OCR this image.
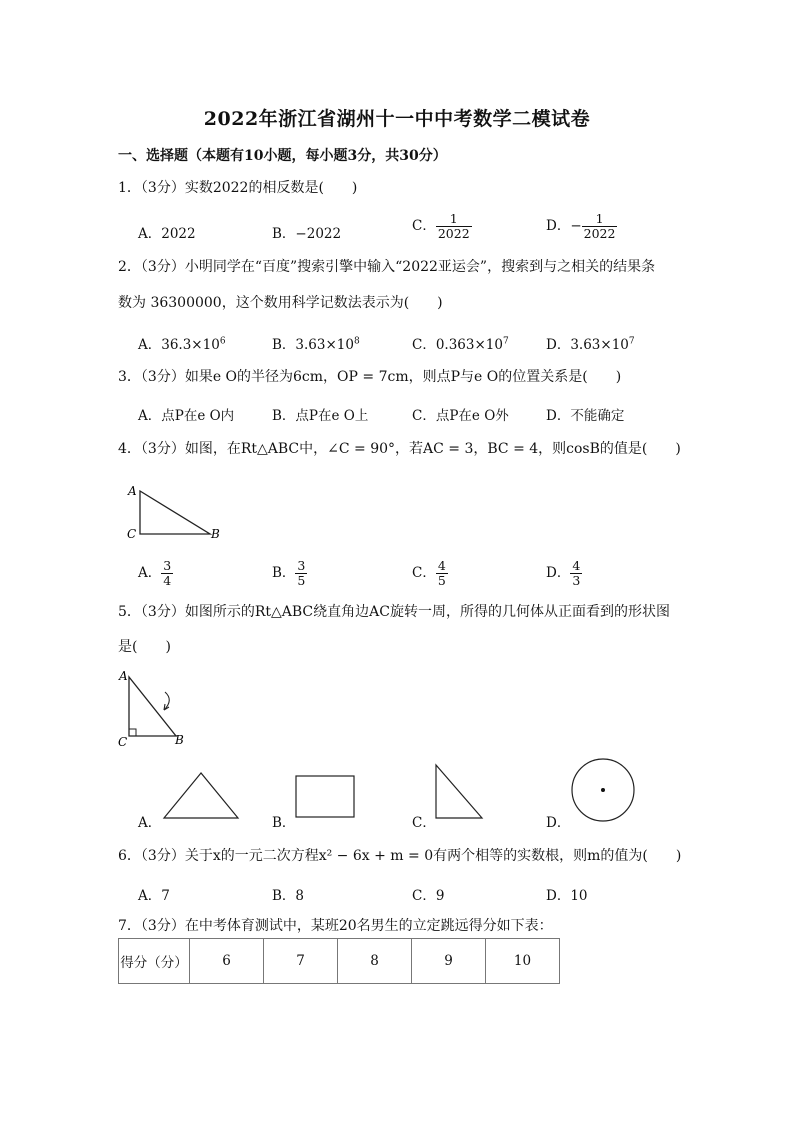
2022年浙江省湖州十一中中考数学二模试卷
一、选择题（本题有10小题，每小题3分，共30分）
1．（3分）实数2022的相反数是(　　)
A．2022	B．−2022	C． $\frac{1}{2022}$	D．− $\frac{1}{2022}$
2．（3分）小明同学在“百度”搜索引擎中输入“2022亚运会”，搜索到与之相关的结果条
数为 36300000，这个数用科学记数法表示为(　　)
A．$36.3\times 10^6$	B．$3.63\times 10^8$	C．$0.363\times 10^7$	D．$3.63\times 10^7$
3．（3分）如果e O的半径为6cm，OP = 7cm，则点P与e O的位置关系是(　　)
A．点P在e O内	B．点P在e O上	C．点P在e O外	D．不能确定
4．（3分）如图，在Rt△ABC中，∠C = 90°，若AC = 3，BC = 4，则cosB的值是(　　)
A
C	B
A． $\frac{3}{4}$	B． $\frac{3}{5}$	C． $\frac{4}{5}$	D． $\frac{4}{3}$
5．（3分）如图所示的Rt△ABC绕直角边AC旋转一周，所得的几何体从正面看到的形状图
是(　　)
A
C	B
A．	B．	C．	D．
6．（3分）关于x的一元二次方程x² − 6x + m = 0有两个相等的实数根，则m的值为(　　)
A．7	B．8	C．9	D．10
7．（3分）在中考体育测试中，某班20名男生的立定跳远得分如下表：
得分（分）	6	7	8	9	10
